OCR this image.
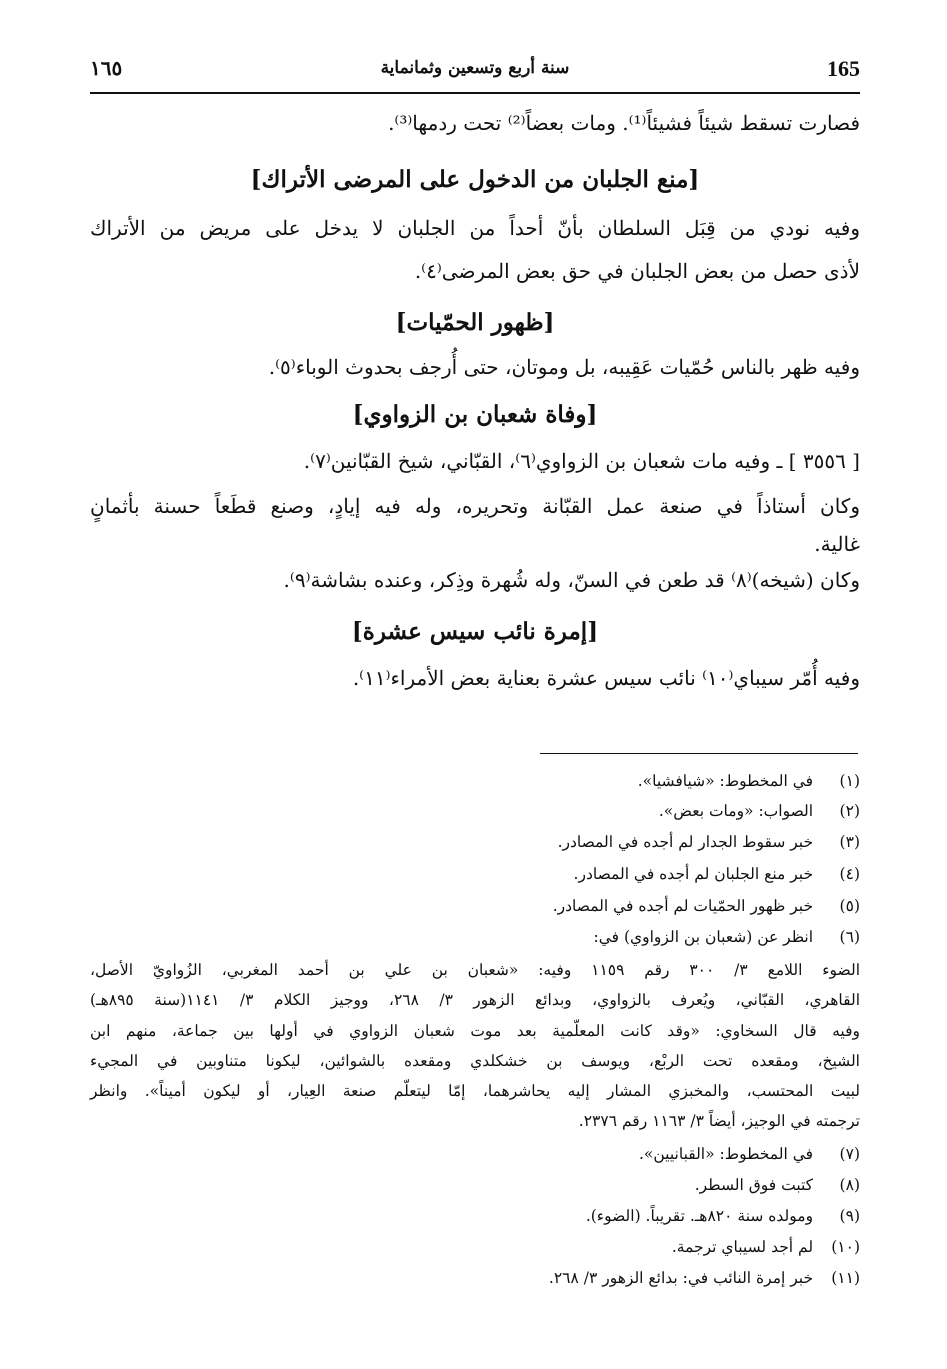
165
سنة أربع وتسعين وثمانماية
١٦٥
فصارت تسقط شيئاً فشيئاً⁽¹⁾. ومات بعضاً⁽²⁾ تحت ردمها⁽³⁾.
[منع الجلبان من الدخول على المرضى الأتراك]
وفيه نودي من قِبَل السلطان بأنّ أحداً من الجلبان لا يدخل على مريض من الأتراك
لأذى حصل من بعض الجلبان في حق بعض المرضى⁽٤⁾.
[ظهور الحمّيات]
وفيه ظهر بالناس حُمّيات عَقِيبه، بل وموتان، حتى أُرجف بحدوث الوباء⁽٥⁾.
[وفاة شعبان بن الزواوي]
[ ٣٥٥٦ ] ـ وفيه مات شعبان بن الزواوي⁽٦⁾، القبّاني، شيخ القبّانين⁽٧⁾.
وكان أستاذاً في صنعة عمل القبّانة وتحريره، وله فيه إيادٍ، وصنع قطَعاً حسنة بأثمانٍ
غالية.
وكان (شيخه)⁽٨⁾ قد طعن في السنّ، وله شُهرة وذِكر، وعنده بشاشة⁽٩⁾.
[إمرة نائب سيس عشرة]
وفيه أُمّر سيباي⁽١٠⁾ نائب سيس عشرة بعناية بعض الأمراء⁽١١⁾.
(١) في المخطوط: «شيافشيا».
(٢) الصواب: «ومات بعض».
(٣) خبر سقوط الجدار لم أجده في المصادر.
(٤) خبر منع الجلبان لم أجده في المصادر.
(٥) خبر ظهور الحمّيات لم أجده في المصادر.
(٦) انظر عن (شعبان بن الزواوي) في:
الضوء اللامع ٣/ ٣٠٠ رقم ١١٥٩ وفيه: «شعبان بن علي بن أحمد المغربي، الزُواويّ الأصل،
القاهري، القبّاني، ويُعرف بالزواوي، وبدائع الزهور ٣/ ٢٦٨، ووجيز الكلام ٣/ ١١٤١(سنة ٨٩٥هـ)
وفيه قال السخاوي: «وقد كانت المعلّمية بعد موت شعبان الزواوي في أولها بين جماعة، منهم ابن
الشيخ، ومقعده تحت الربْع، ويوسف بن خشكلدي ومقعده بالشوائين، ليكونا متناوبين في المجيء
لبيت المحتسب، والمخبزي المشار إليه يحاشرهما، إمّا ليتعلّم صنعة العِيار، أو ليكون أميناً». وانظر
ترجمته في الوجيز، أيضاً ٣/ ١١٦٣ رقم ٢٣٧٦.
(٧) في المخطوط: «القبانيين».
(٨) كتبت فوق السطر.
(٩) ومولده سنة ٨٢٠هـ. تقريباً. (الضوء).
(١٠) لم أجد لسيباي ترجمة.
(١١) خبر إمرة النائب في: بدائع الزهور ٣/ ٢٦٨.
